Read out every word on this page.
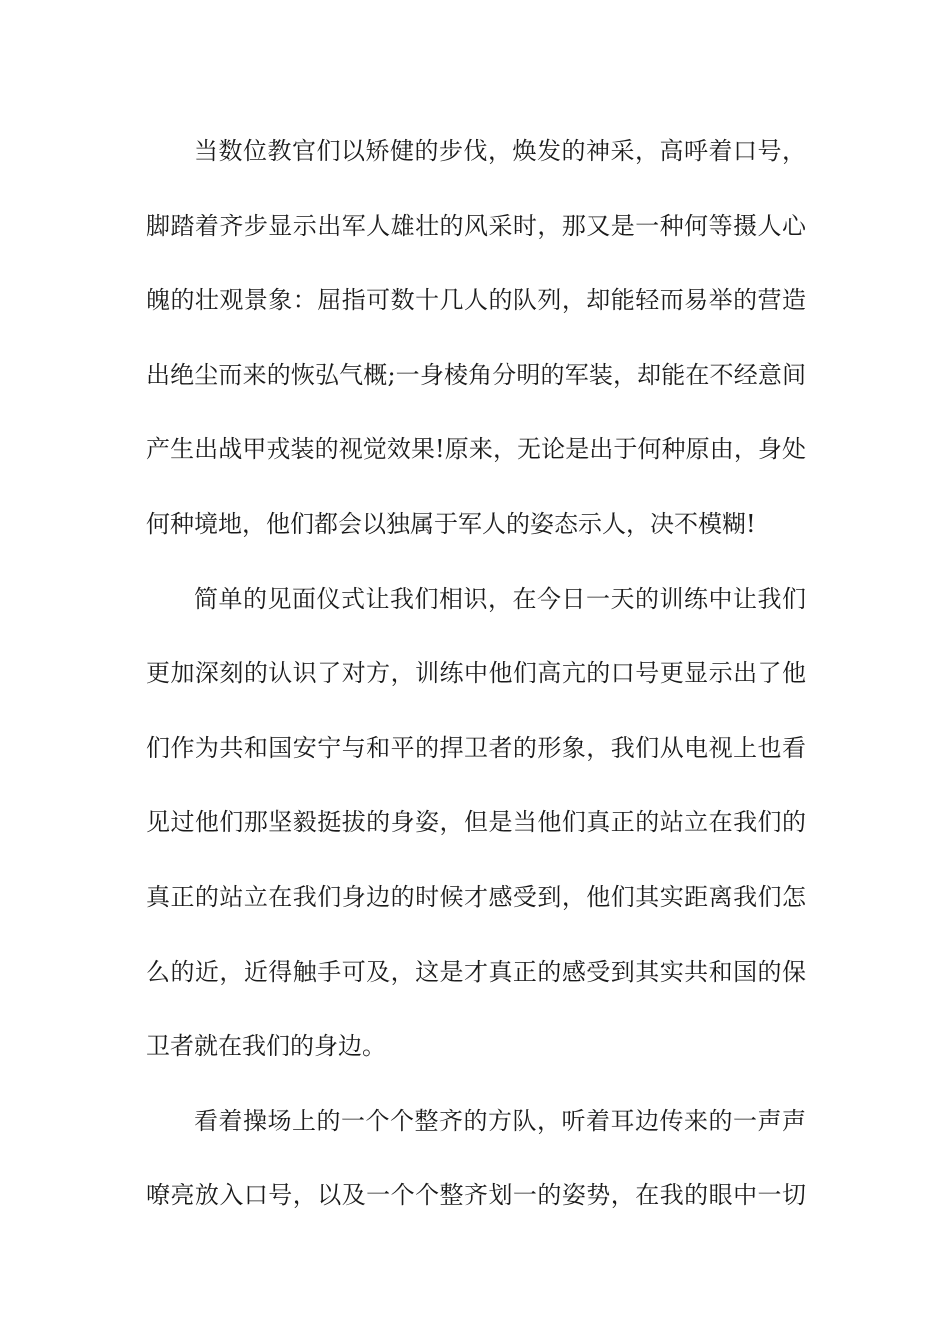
当数位教官们以矫健的步伐，焕发的神采，高呼着口号，
脚踏着齐步显示出军人雄壮的风采时，那又是一种何等摄人心
魄的壮观景象：屈指可数十几人的队列，却能轻而易举的营造
出绝尘而来的恢弘气概;一身棱角分明的军装，却能在不经意间
产生出战甲戎装的视觉效果!原来，无论是出于何种原由，身处
何种境地，他们都会以独属于军人的姿态示人，决不模糊!
简单的见面仪式让我们相识，在今日一天的训练中让我们
更加深刻的认识了对方，训练中他们高亢的口号更显示出了他
们作为共和国安宁与和平的捍卫者的形象，我们从电视上也看
见过他们那坚毅挺拔的身姿，但是当他们真正的站立在我们的
真正的站立在我们身边的时候才感受到，他们其实距离我们怎
么的近，近得触手可及，这是才真正的感受到其实共和国的保
卫者就在我们的身边。
看着操场上的一个个整齐的方队，听着耳边传来的一声声
嘹亮放入口号，以及一个个整齐划一的姿势，在我的眼中一切
